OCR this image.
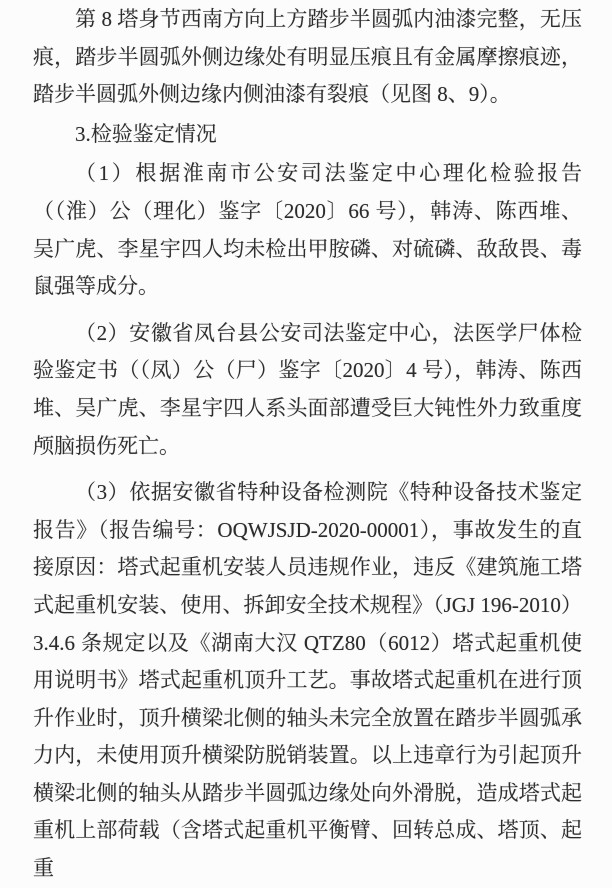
第 8 塔身节西南方向上方踏步半圆弧内油漆完整，无压痕，踏步半圆弧外侧边缘处有明显压痕且有金属摩擦痕迹，踏步半圆弧外侧边缘内侧油漆有裂痕（见图 8、9）。

3.检验鉴定情况

（1）根据淮南市公安司法鉴定中心理化检验报告（（淮）公（理化）鉴字〔2020〕66 号），韩涛、陈西堆、吴广虎、李星宇四人均未检出甲胺磷、对硫磷、敌敌畏、毒鼠强等成分。

（2）安徽省凤台县公安司法鉴定中心，法医学尸体检验鉴定书（（凤）公（尸）鉴字〔2020〕4 号），韩涛、陈西堆、吴广虎、李星宇四人系头面部遭受巨大钝性外力致重度颅脑损伤死亡。

（3）依据安徽省特种设备检测院《特种设备技术鉴定报告》（报告编号：OQWJSJD-2020-00001），事故发生的直接原因：塔式起重机安装人员违规作业，违反《建筑施工塔式起重机安装、使用、拆卸安全技术规程》（JGJ 196-2010）3.4.6 条规定以及《湖南大汉 QTZ80（6012）塔式起重机使用说明书》塔式起重机顶升工艺。事故塔式起重机在进行顶升作业时，顶升横梁北侧的轴头未完全放置在踏步半圆弧承力内，未使用顶升横梁防脱销装置。以上违章行为引起顶升横梁北侧的轴头从踏步半圆弧边缘处向外滑脱，造成塔式起重机上部荷载（含塔式起重机平衡臂、回转总成、塔顶、起重
